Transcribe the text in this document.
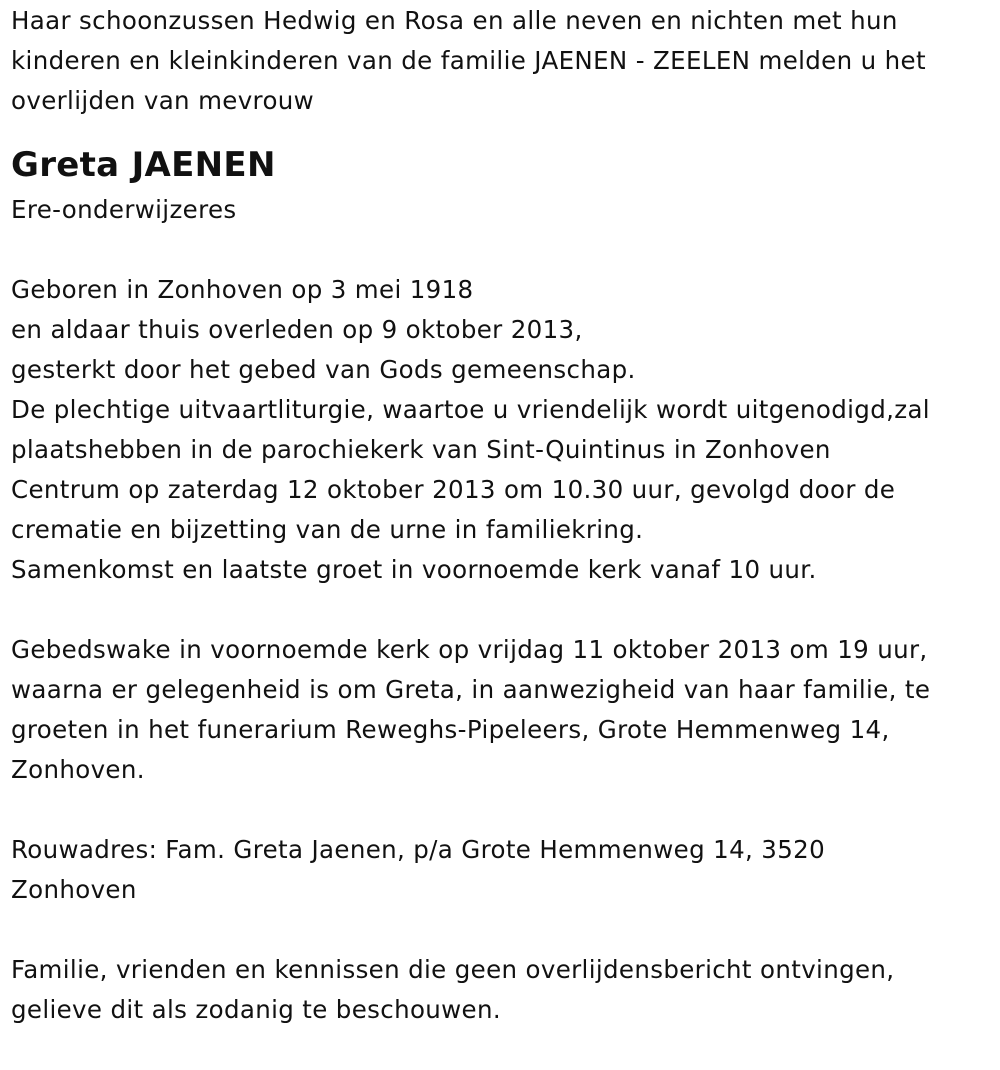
Haar schoonzussen Hedwig en Rosa en alle neven en nichten met hun
kinderen en kleinkinderen van de familie JAENEN - ZEELEN melden u het
overlijden van mevrouw
Greta JAENEN
Ere-onderwijzeres
Geboren in Zonhoven op 3 mei 1918
en aldaar thuis overleden op 9 oktober 2013,
gesterkt door het gebed van Gods gemeenschap.
De plechtige uitvaartliturgie, waartoe u vriendelijk wordt uitgenodigd,zal
plaatshebben in de parochiekerk van Sint-Quintinus in Zonhoven
Centrum op zaterdag 12 oktober 2013 om 10.30 uur, gevolgd door de
crematie en bijzetting van de urne in familiekring.
Samenkomst en laatste groet in voornoemde kerk vanaf 10 uur.
Gebedswake in voornoemde kerk op vrijdag 11 oktober 2013 om 19 uur,
waarna er gelegenheid is om Greta, in aanwezigheid van haar familie, te
groeten in het funerarium Reweghs-Pipeleers, Grote Hemmenweg 14,
Zonhoven.
Rouwadres: Fam. Greta Jaenen, p/a Grote Hemmenweg 14, 3520
Zonhoven
Familie, vrienden en kennissen die geen overlijdensbericht ontvingen,
gelieve dit als zodanig te beschouwen.
